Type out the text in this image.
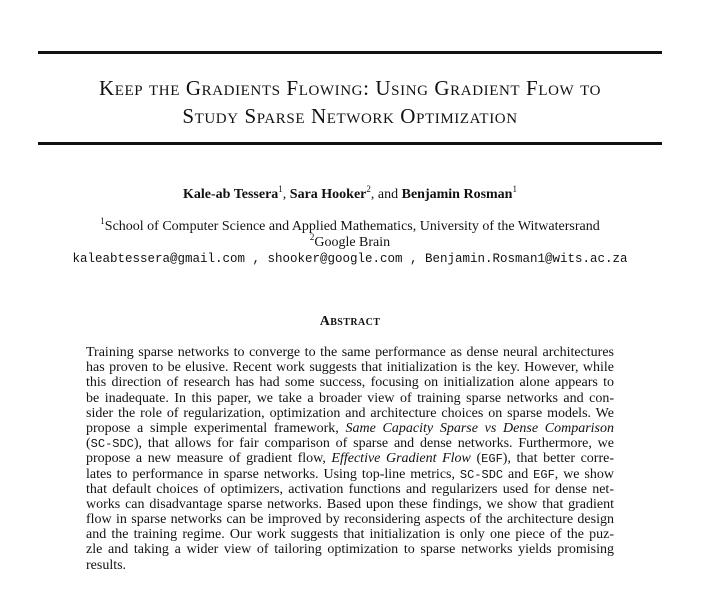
Keep the Gradients Flowing: Using Gradient Flow to
Study Sparse Network Optimization
Kale-ab Tessera$^1$, Sara Hooker$^2$, and Benjamin Rosman$^1$
$^1$School of Computer Science and Applied Mathematics, University of the Witwatersrand
$^2$Google Brain
kaleabtessera@gmail.com , shooker@google.com , Benjamin.Rosman1@wits.ac.za
Abstract
Training sparse networks to converge to the same performance as dense neural architectures
has proven to be elusive. Recent work suggests that initialization is the key. However, while
this direction of research has had some success, focusing on initialization alone appears to
be inadequate. In this paper, we take a broader view of training sparse networks and con-
sider the role of regularization, optimization and architecture choices on sparse models. We
propose a simple experimental framework, Same Capacity Sparse vs Dense Comparison
(SC-SDC), that allows for fair comparison of sparse and dense networks. Furthermore, we
propose a new measure of gradient flow, Effective Gradient Flow (EGF), that better corre-
lates to performance in sparse networks. Using top-line metrics, SC-SDC and EGF, we show
that default choices of optimizers, activation functions and regularizers used for dense net-
works can disadvantage sparse networks. Based upon these findings, we show that gradient
flow in sparse networks can be improved by reconsidering aspects of the architecture design
and the training regime. Our work suggests that initialization is only one piece of the puz-
zle and taking a wider view of tailoring optimization to sparse networks yields promising
results.
